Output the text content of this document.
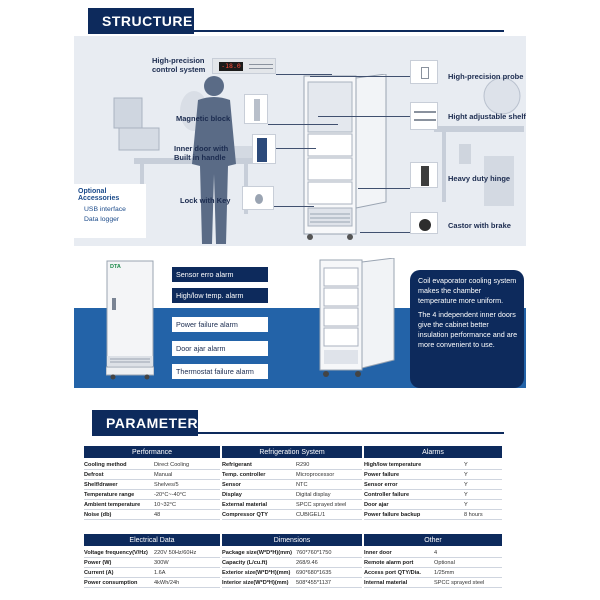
STRUCTURE
-18.0
High-precision
control system
Magnetic block
Inner door with
Built in handle
Lock with Key
High-precision probe
Hight adjustable shelf
Heavy duty hinge
Castor with brake
Optional Accessories
USB interface
Data logger
DTA
Sensor erro alarm
High/low temp. alarm
Power failure alarm
Door ajar alarm
Thermostat failure alarm

Coil evaporator cooling system makes the chamber temperature more uniform.

The 4 independent inner doors give the cabinet better insulation performance and are more convenient to use.

PARAMETER
Performance
Cooling method	Direct Cooling
Defrost	Manual
Shelf/drawer	Shelves/5
Temperature range	-20°C~-40°C
Ambient temperature 10~32°C
Noise (db)	48
Refrigeration System
Refrigerant	R290
Temp. controller	Microprocessor
Sensor	NTC
Display	Digital display
External material	SPCC sprayed steel
Compressor QTY	CUBIGEL/1
Alarms
High/low temperature	Y
Power failure	Y
Sensor error	Y
Controller failure	Y
Door ajar	Y
Power failure backup	8 hours
Electrical Data
Voltage frequency(V/Hz) 220V 50Hz/60Hz
Power (W)	300W
Current (A)	1.6A
Power consumption	4kWh/24h
Dimensions
Package size(W*D*H)(mm) 760*760*1750
Capacity (L/cu.ft)	268/9.46
Exterior size(W*D*H)(mm) 690*680*1635
Interior size(W*D*H)(mm) 508*455*1137
Other
Inner door	4
Remote alarm port	Optional
Access port QTY/Dia. 1/25mm
Internal material	SPCC sprayed steel
